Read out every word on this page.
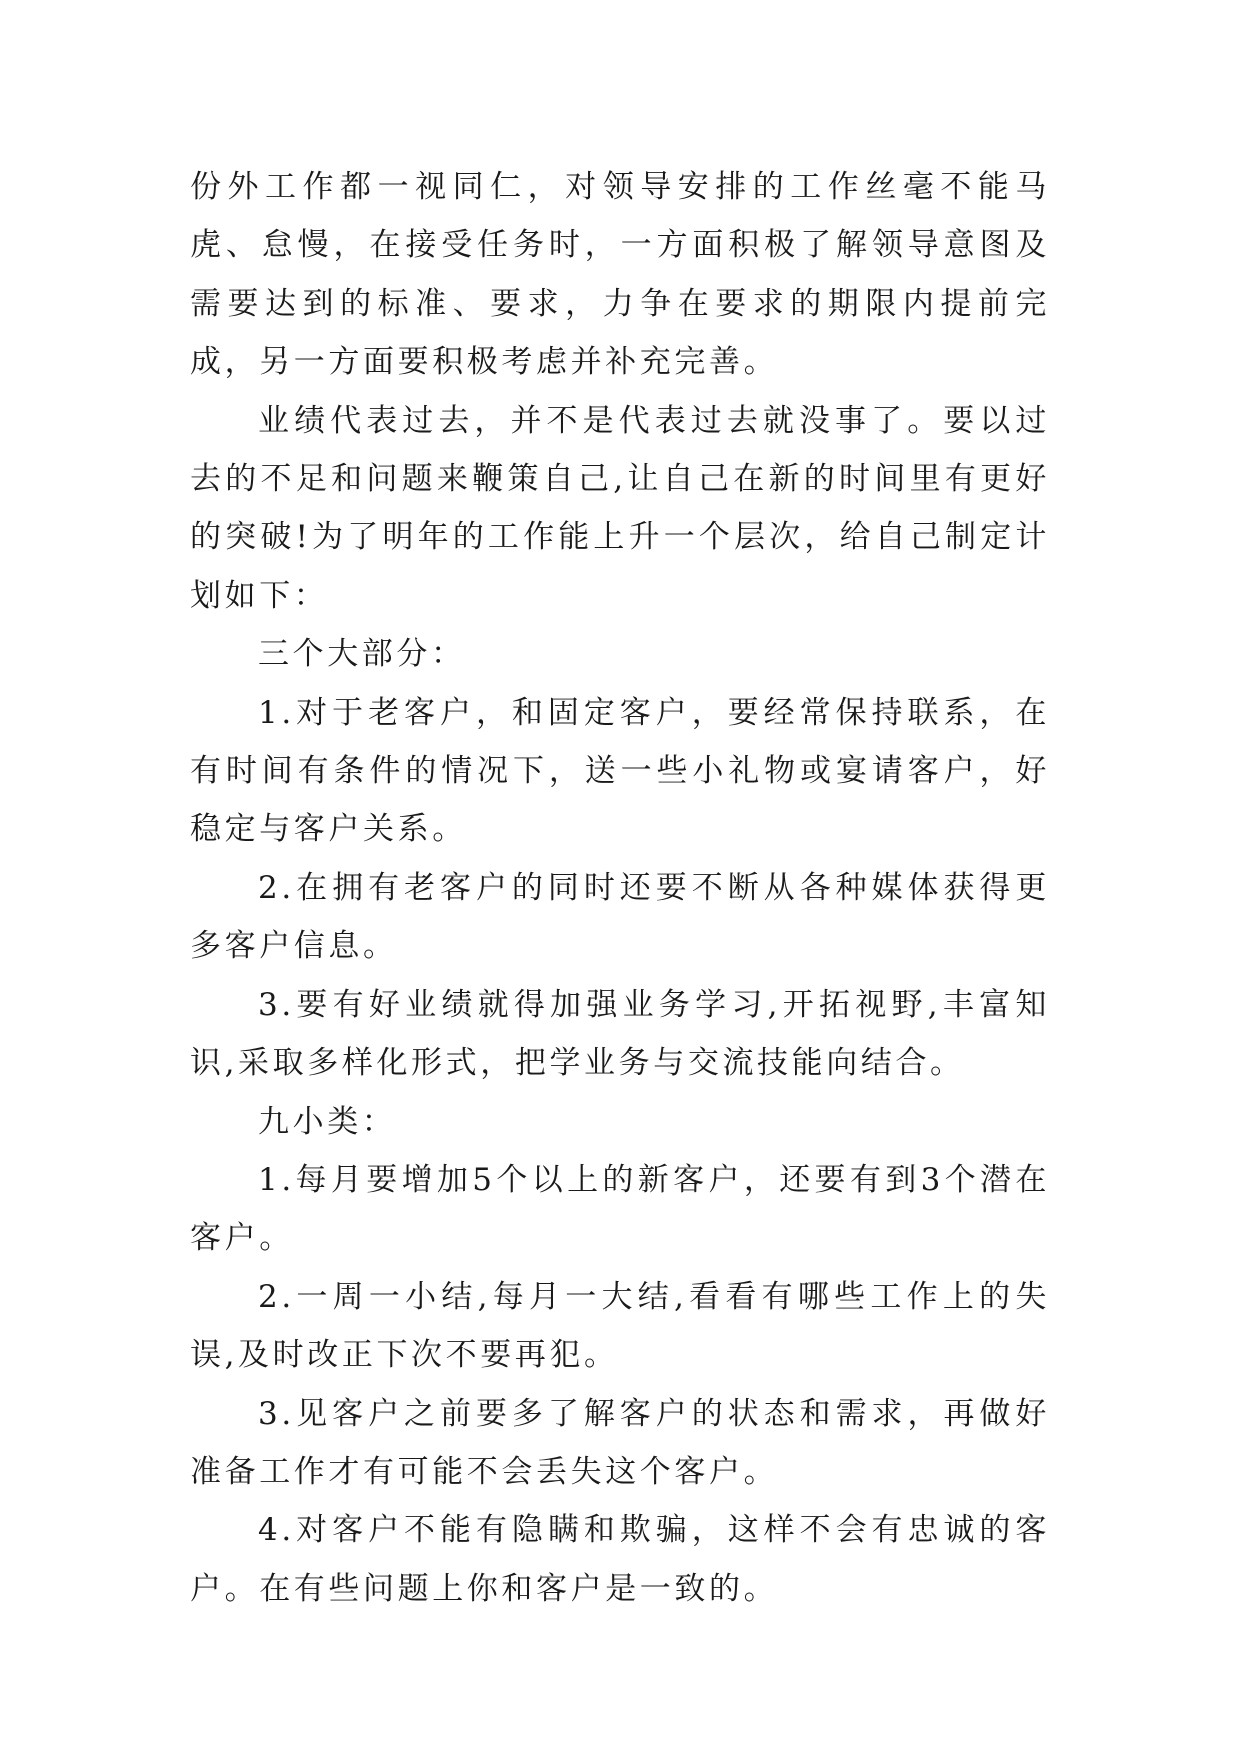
份外工作都一视同仁，对领导安排的工作丝毫不能马虎、怠慢，在接受任务时，一方面积极了解领导意图及需要达到的标准、要求，力争在要求的期限内提前完成，另一方面要积极考虑并补充完善。

业绩代表过去，并不是代表过去就没事了。要以过去的不足和问题来鞭策自己,让自己在新的时间里有更好的突破!为了明年的工作能上升一个层次，给自己制定计划如下：

三个大部分：

1.对于老客户，和固定客户，要经常保持联系，在有时间有条件的情况下，送一些小礼物或宴请客户，好稳定与客户关系。

2.在拥有老客户的同时还要不断从各种媒体获得更多客户信息。

3.要有好业绩就得加强业务学习,开拓视野,丰富知识,采取多样化形式，把学业务与交流技能向结合。

九小类：

1.每月要增加5个以上的新客户，还要有到3个潜在客户。

2.一周一小结,每月一大结,看看有哪些工作上的失误,及时改正下次不要再犯。

3.见客户之前要多了解客户的状态和需求，再做好准备工作才有可能不会丢失这个客户。

4.对客户不能有隐瞒和欺骗，这样不会有忠诚的客户。在有些问题上你和客户是一致的。
